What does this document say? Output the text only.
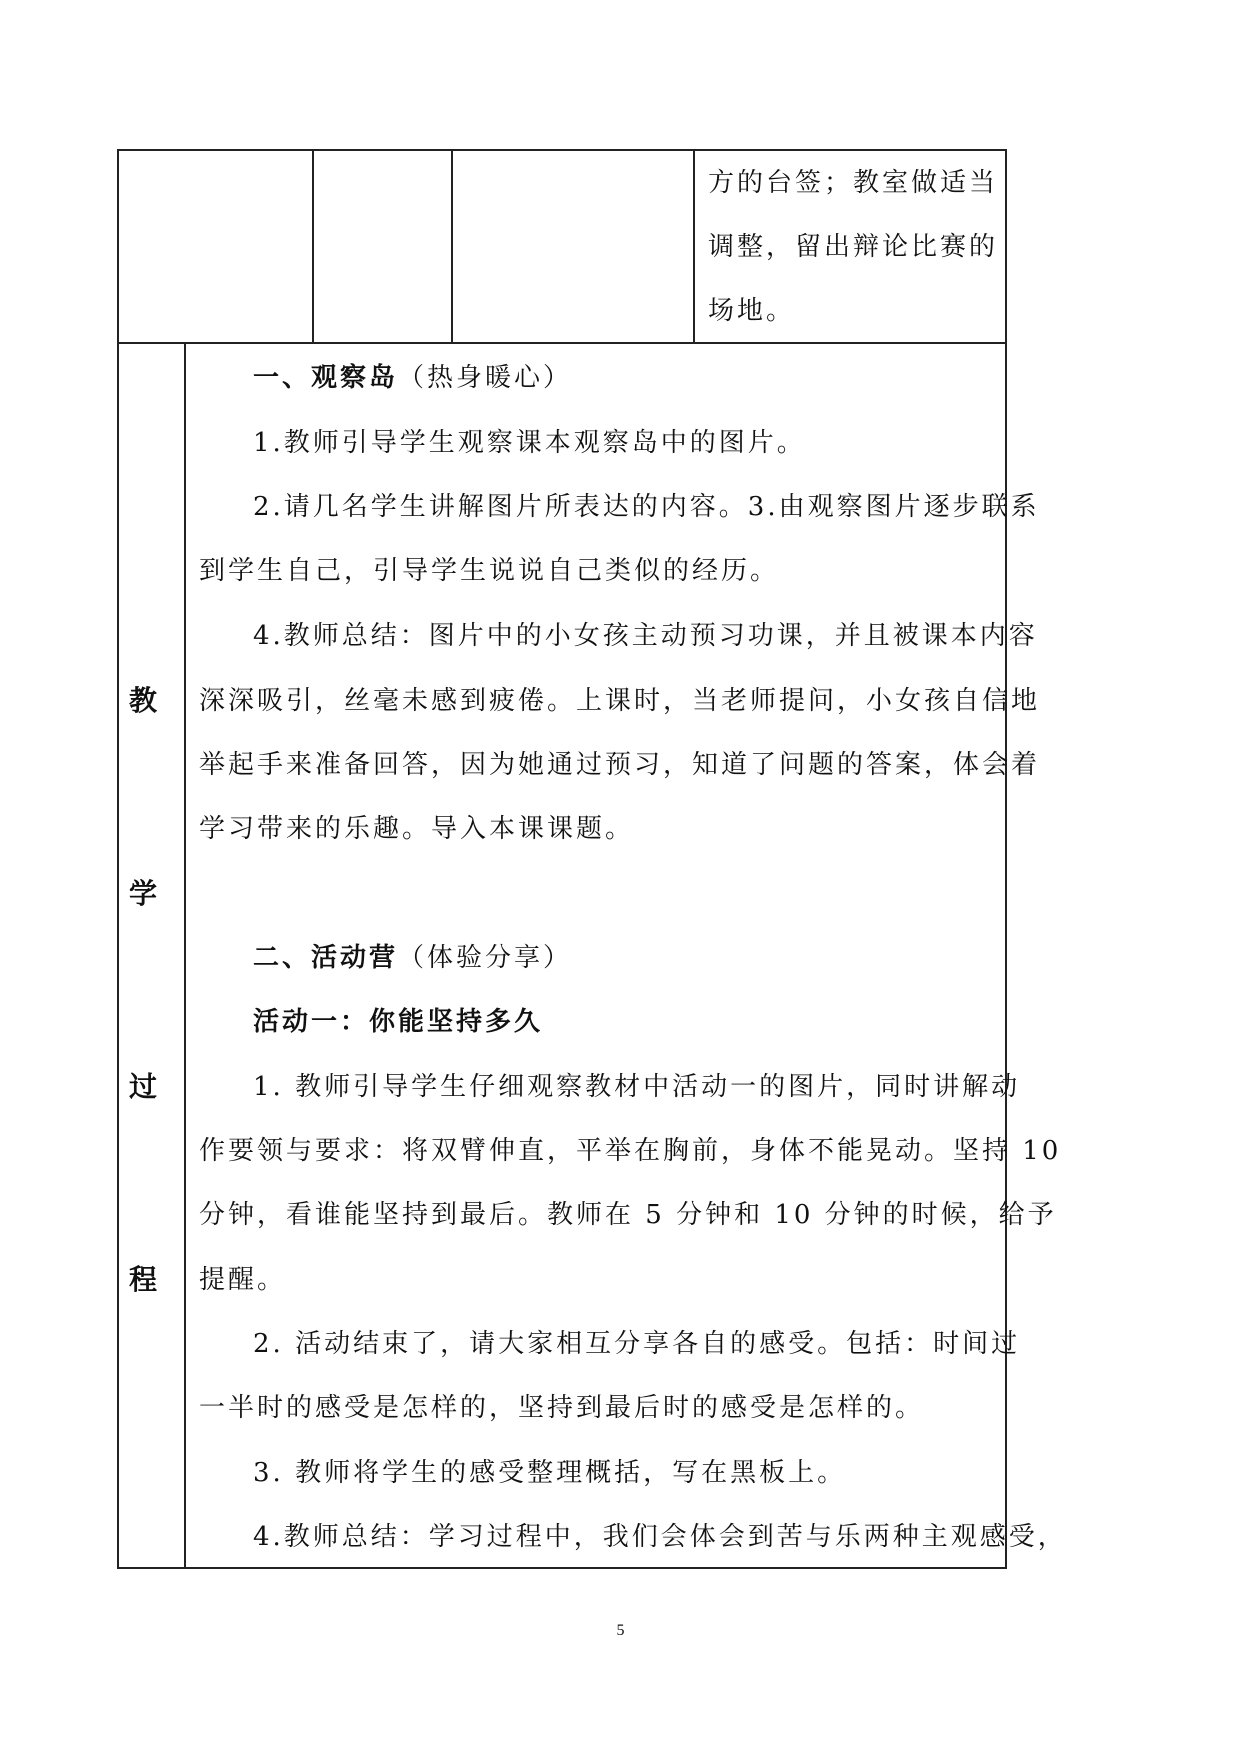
方的台签；教室做适当
调整，留出辩论比赛的
场地。
教
学
过
程
一、观察岛（热身暖心）
1.教师引导学生观察课本观察岛中的图片。
2.请几名学生讲解图片所表达的内容。3.由观察图片逐步联系
到学生自己，引导学生说说自己类似的经历。
4.教师总结：图片中的小女孩主动预习功课，并且被课本内容
深深吸引，丝毫未感到疲倦。上课时，当老师提问，小女孩自信地
举起手来准备回答，因为她通过预习，知道了问题的答案，体会着
学习带来的乐趣。导入本课课题。
二、活动营（体验分享）
活动一：你能坚持多久
1. 教师引导学生仔细观察教材中活动一的图片，同时讲解动
作要领与要求：将双臂伸直，平举在胸前，身体不能晃动。坚持 10
分钟，看谁能坚持到最后。教师在 5 分钟和 10 分钟的时候，给予
提醒。
2. 活动结束了，请大家相互分享各自的感受。包括：时间过
一半时的感受是怎样的，坚持到最后时的感受是怎样的。
3. 教师将学生的感受整理概括，写在黑板上。
4.教师总结：学习过程中，我们会体会到苦与乐两种主观感受，
5
